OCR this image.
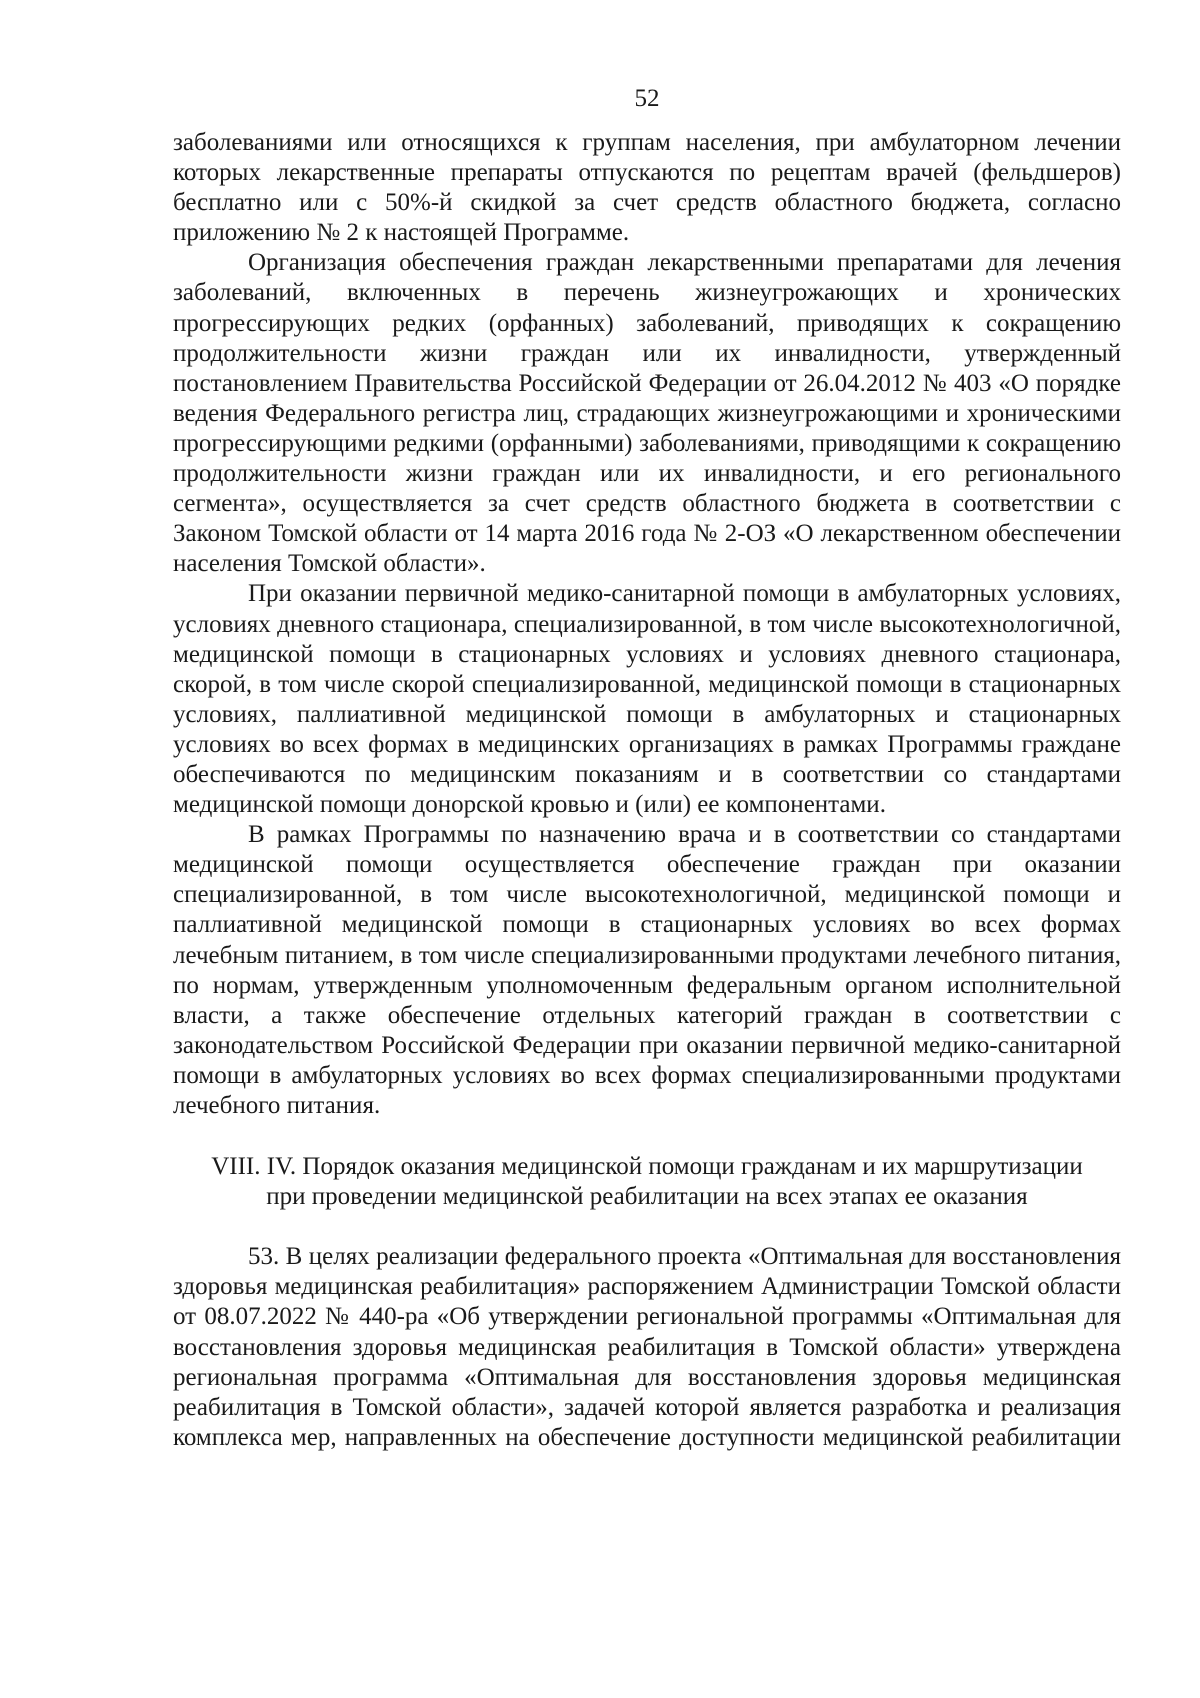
52

заболеваниями или относящихся к группам населения, при амбулаторном лечении которых лекарственные препараты отпускаются по рецептам врачей (фельдшеров) бесплатно или с 50%-й скидкой за счет средств областного бюджета, согласно приложению № 2 к настоящей Программе.

Организация обеспечения граждан лекарственными препаратами для лечения заболеваний, включенных в перечень жизнеугрожающих и хронических прогрессирующих редких (орфанных) заболеваний, приводящих к сокращению продолжительности жизни граждан или их инвалидности, утвержденный постановлением Правительства Российской Федерации от 26.04.2012 № 403 «О порядке ведения Федерального регистра лиц, страдающих жизнеугрожающими и хроническими прогрессирующими редкими (орфанными) заболеваниями, приводящими к сокращению продолжительности жизни граждан или их инвалидности, и его регионального сегмента», осуществляется за счет средств областного бюджета в соответствии с Законом Томской области от 14 марта 2016 года № 2-ОЗ «О лекарственном обеспечении населения Томской области».

При оказании первичной медико-санитарной помощи в амбулаторных условиях, условиях дневного стационара, специализированной, в том числе высокотехнологичной, медицинской помощи в стационарных условиях и условиях дневного стационара, скорой, в том числе скорой специализированной, медицинской помощи в стационарных условиях, паллиативной медицинской помощи в амбулаторных и стационарных условиях во всех формах в медицинских организациях в рамках Программы граждане обеспечиваются по медицинским показаниям и в соответствии со стандартами медицинской помощи донорской кровью и (или) ее компонентами.

В рамках Программы по назначению врача и в соответствии со стандартами медицинской помощи осуществляется обеспечение граждан при оказании специализированной, в том числе высокотехнологичной, медицинской помощи и паллиативной медицинской помощи в стационарных условиях во всех формах лечебным питанием, в том числе специализированными продуктами лечебного питания, по нормам, утвержденным уполномоченным федеральным органом исполнительной власти, а также обеспечение отдельных категорий граждан в соответствии с законодательством Российской Федерации при оказании первичной медико-санитарной помощи в амбулаторных условиях во всех формах специализированными продуктами лечебного питания.

VIII. IV. Порядок оказания медицинской помощи гражданам и их маршрутизации
при проведении медицинской реабилитации на всех этапах ее оказания

53. В целях реализации федерального проекта «Оптимальная для восстановления здоровья медицинская реабилитация» распоряжением Администрации Томской области от 08.07.2022 № 440-ра «Об утверждении региональной программы «Оптимальная для восстановления здоровья медицинская реабилитация в Томской области» утверждена региональная программа «Оптимальная для восстановления здоровья медицинская реабилитация в Томской области», задачей которой является разработка и реализация комплекса мер, направленных на обеспечение доступности медицинской реабилитации
